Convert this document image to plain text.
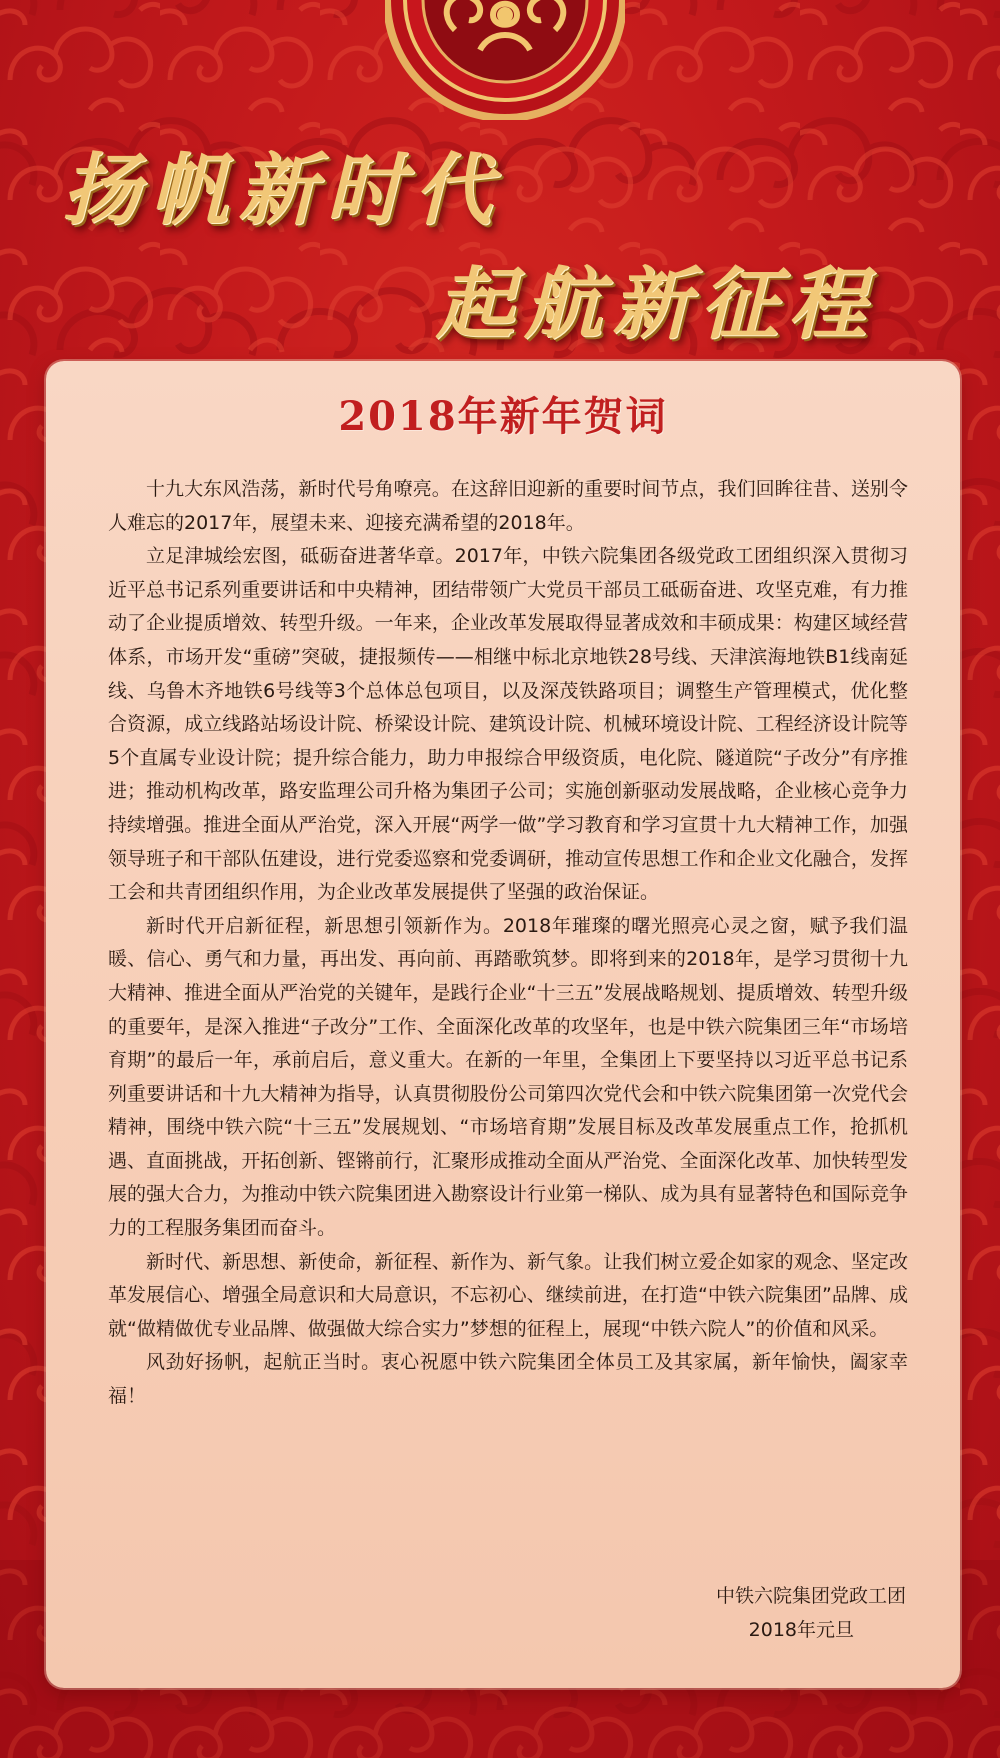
扬帆新时代
起航新征程
2018年新年贺词

十九大东风浩荡，新时代号角嘹亮。在这辞旧迎新的重要时间节点，我们回眸往昔、送别令人难忘的2017年，展望未来、迎接充满希望的2018年。

立足津城绘宏图，砥砺奋进著华章。2017年，中铁六院集团各级党政工团组织深入贯彻习近平总书记系列重要讲话和中央精神，团结带领广大党员干部员工砥砺奋进、攻坚克难，有力推动了企业提质增效、转型升级。一年来，企业改革发展取得显著成效和丰硕成果：构建区域经营体系，市场开发“重磅”突破，捷报频传——相继中标北京地铁28号线、天津滨海地铁B1线南延线、乌鲁木齐地铁6号线等3个总体总包项目，以及深茂铁路项目；调整生产管理模式，优化整合资源，成立线路站场设计院、桥梁设计院、建筑设计院、机械环境设计院、工程经济设计院等5个直属专业设计院；提升综合能力，助力申报综合甲级资质，电化院、隧道院“子改分”有序推进；推动机构改革，路安监理公司升格为集团子公司；实施创新驱动发展战略，企业核心竞争力持续增强。推进全面从严治党，深入开展“两学一做”学习教育和学习宣贯十九大精神工作，加强领导班子和干部队伍建设，进行党委巡察和党委调研，推动宣传思想工作和企业文化融合，发挥工会和共青团组织作用，为企业改革发展提供了坚强的政治保证。

新时代开启新征程，新思想引领新作为。2018年璀璨的曙光照亮心灵之窗，赋予我们温暖、信心、勇气和力量，再出发、再向前、再踏歌筑梦。即将到来的2018年，是学习贯彻十九大精神、推进全面从严治党的关键年，是践行企业“十三五”发展战略规划、提质增效、转型升级的重要年，是深入推进“子改分”工作、全面深化改革的攻坚年，也是中铁六院集团三年“市场培育期”的最后一年，承前启后，意义重大。在新的一年里，全集团上下要坚持以习近平总书记系列重要讲话和十九大精神为指导，认真贯彻股份公司第四次党代会和中铁六院集团第一次党代会精神，围绕中铁六院“十三五”发展规划、“市场培育期”发展目标及改革发展重点工作，抢抓机遇、直面挑战，开拓创新、铿锵前行，汇聚形成推动全面从严治党、全面深化改革、加快转型发展的强大合力，为推动中铁六院集团进入勘察设计行业第一梯队、成为具有显著特色和国际竞争力的工程服务集团而奋斗。

新时代、新思想、新使命，新征程、新作为、新气象。让我们树立爱企如家的观念、坚定改革发展信心、增强全局意识和大局意识，不忘初心、继续前进，在打造“中铁六院集团”品牌、成就“做精做优专业品牌、做强做大综合实力”梦想的征程上，展现“中铁六院人”的价值和风采。

风劲好扬帆，起航正当时。衷心祝愿中铁六院集团全体员工及其家属，新年愉快，阖家幸福！

中铁六院集团党政工团
2018年元旦
